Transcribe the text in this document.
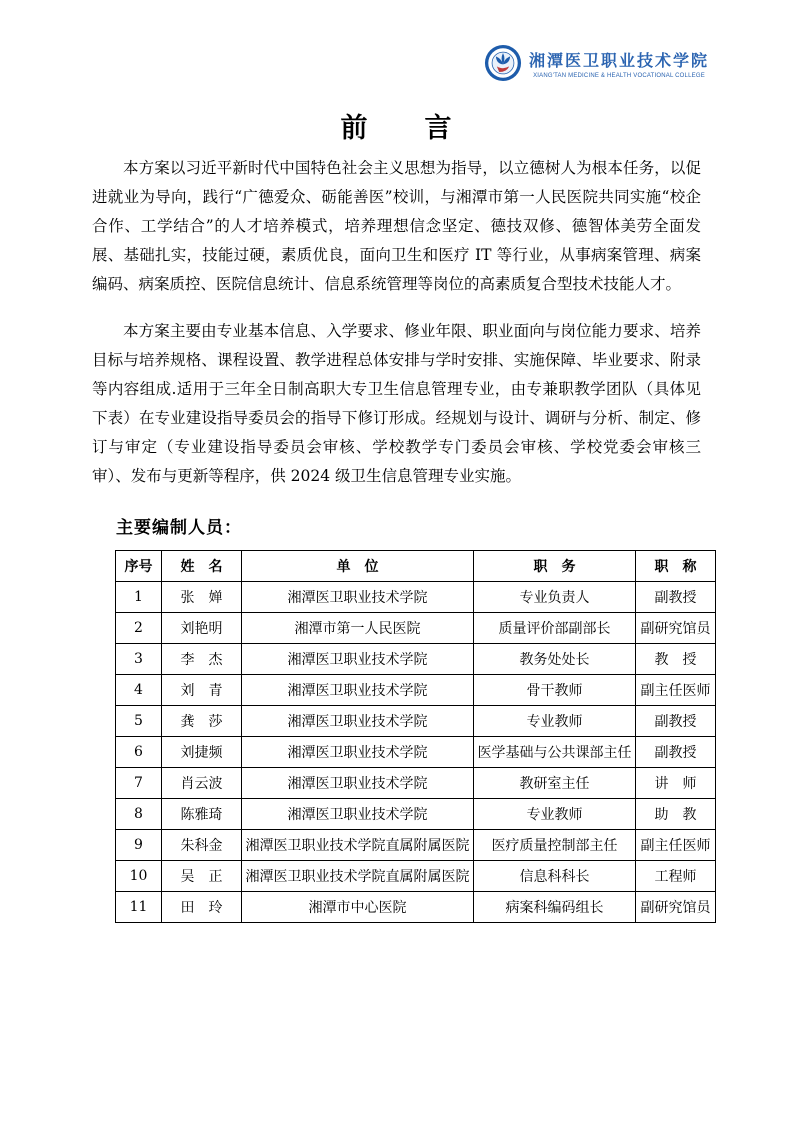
湘潭医卫职业技术学院
XIANG'TAN MEDICINE & HEALTH VOCATIONAL COLLEGE
前　　言

本方案以习近平新时代中国特色社会主义思想为指导，以立德树人为根本任务，以促进就业为导向，践行“广德爱众、砺能善医”校训，与湘潭市第一人民医院共同实施“校企合作、工学结合”的人才培养模式，培养理想信念坚定、德技双修、德智体美劳全面发展、基础扎实，技能过硬，素质优良，面向卫生和医疗 IT 等行业，从事病案管理、病案编码、病案质控、医院信息统计、信息系统管理等岗位的高素质复合型技术技能人才。

本方案主要由专业基本信息、入学要求、修业年限、职业面向与岗位能力要求、培养目标与培养规格、课程设置、教学进程总体安排与学时安排、实施保障、毕业要求、附录等内容组成.适用于三年全日制高职大专卫生信息管理专业，由专兼职教学团队（具体见下表）在专业建设指导委员会的指导下修订形成。经规划与设计、调研与分析、制定、修订与审定（专业建设指导委员会审核、学校教学专门委员会审核、学校党委会审核三审）、发布与更新等程序，供 2024 级卫生信息管理专业实施。

主要编制人员：
序号	姓　名	单　位	职　务	职　称
1	张　婵	湘潭医卫职业技术学院	专业负责人	副教授
2	刘艳明	湘潭市第一人民医院	质量评价部副部长	副研究馆员
3	李　杰	湘潭医卫职业技术学院	教务处处长	教　授
4	刘　青	湘潭医卫职业技术学院	骨干教师	副主任医师
5	龚　莎	湘潭医卫职业技术学院	专业教师	副教授
6	刘捷频	湘潭医卫职业技术学院	医学基础与公共课部主任	副教授
7	肖云波	湘潭医卫职业技术学院	教研室主任	讲　师
8	陈雅琦	湘潭医卫职业技术学院	专业教师	助　教
9	朱科金	湘潭医卫职业技术学院直属附属医院	医疗质量控制部主任	副主任医师
10	吴　正	湘潭医卫职业技术学院直属附属医院	信息科科长	工程师
11	田　玲	湘潭市中心医院	病案科编码组长	副研究馆员
